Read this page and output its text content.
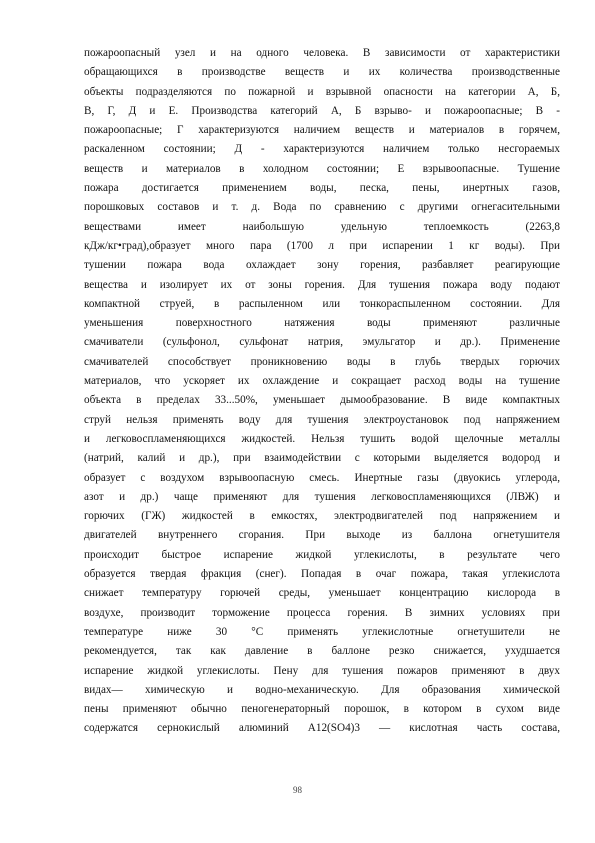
пожароопасный узел и на одного человека. В зависимости от характеристики
обращающихся в производстве веществ и их количества производственные
объекты подразделяются по пожарной и взрывной опасности на категории А, Б,
В, Г, Д и Е. Производства категорий А, Б взрыво- и пожароопасные; В -
пожароопасные; Г характеризуются наличием веществ и материалов в горячем,
раскаленном состоянии; Д - характеризуются наличием только несгораемых
веществ и материалов в холодном состоянии; Е взрывоопасные. Тушение
пожара достигается применением воды, песка, пены, инертных газов,
порошковых составов и т. д. Вода по сравнению с другими огнегасительными
веществами имеет наибольшую удельную теплоемкость (2263,8
кДж/кг•град),образует много пара (1700 л при испарении 1 кг воды). При
тушении пожара вода охлаждает зону горения, разбавляет реагирующие
вещества и изолирует их от зоны горения. Для тушения пожара воду подают
компактной струей, в распыленном или тонкораспыленном состоянии. Для
уменьшения поверхностного натяжения воды применяют различные
смачиватели (сульфонол, сульфонат натрия, эмульгатор и др.). Применение
смачивателей способствует проникновению воды в глубь твердых горючих
материалов, что ускоряет их охлаждение и сокращает расход воды на тушение
объекта в пределах 33...50%, уменьшает дымообразование. В виде компактных
струй нельзя применять воду для тушения электроустановок под напряжением
и легковоспламеняющихся жидкостей. Нельзя тушить водой щелочные металлы
(натрий, калий и др.), при взаимодействии с которыми выделяется водород и
образует с воздухом взрывоопасную смесь. Инертные газы (двуокись углерода,
азот и др.) чаще применяют для тушения легковоспламеняющихся (ЛВЖ) и
горючих (ГЖ) жидкостей в емкостях, электродвигателей под напряжением и
двигателей внутреннего сгорания. При выходе из баллона огнетушителя
происходит быстрое испарение жидкой углекислоты, в результате чего
образуется твердая фракция (снег). Попадая в очаг пожара, такая углекислота
снижает температуру горючей среды, уменьшает концентрацию кислорода в
воздухе, производит торможение процесса горения. В зимних условиях при
температуре ниже 30 °С применять углекислотные огнетушители не
рекомендуется, так как давление в баллоне резко снижается, ухудшается
испарение жидкой углекислоты. Пену для тушения пожаров применяют в двух
видах— химическую и водно-механическую. Для образования химической
пены применяют обычно пеногенераторный порошок, в котором в сухом виде
содержатся сернокислый алюминий А12(SО4)3 — кислотная часть состава,
98
